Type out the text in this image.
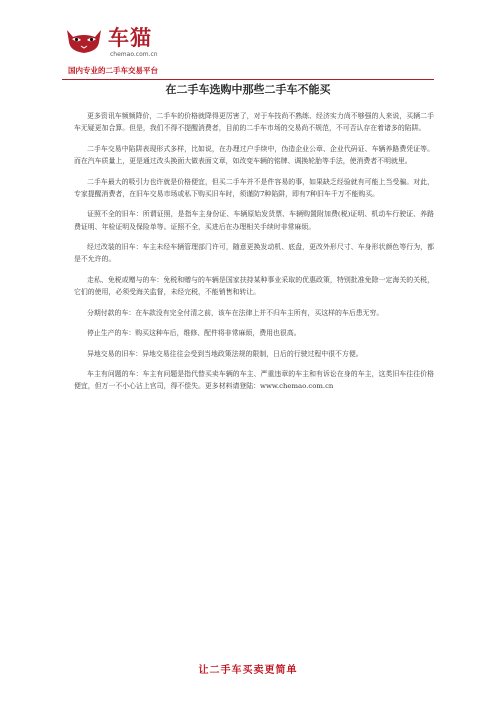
车猫
chemao.com.cn
国内专业的二手车交易平台
在二手车选购中那些二手车不能买

更多资讯车频频降价，二手车的价格就降得更厉害了，对于车技尚不熟练、经济实力尚不够强的人来说，买辆二手车无疑更加合算。但是，我们不得不提醒消费者，目前的二手车市场的交易尚不规范，不可否认存在着诸多的陷阱。

二手车交易中陷阱表现形式多样，比如说，在办理过户手续中，伪造企业公章、企业代码证、车辆养路费凭证等。而在汽车质量上，更是通过改头换面大做表面文章，如改变车辆的铭牌、调换轮胎等手法，使消费者不明就里。

二手车最大的吸引力也许就是价格便宜，但买二手车并不是件容易的事，如果缺乏经验就有可能上当受骗。对此，专家提醒消费者，在旧车交易市场或私下购买旧车时，须谨防7种陷阱，即有7种旧车千万不能购买。

证照不全的旧车：所谓证照，是指车主身份证、车辆原始发货票、车辆购置附加费(税)证明、机动车行驶证、养路费证明、年检证明及保险单等。证照不全，买进后在办理相关手续时非常麻烦。

经过改装的旧车：车主未经车辆管理部门许可，随意更换发动机、底盘，更改外形尺寸、车身形状颜色等行为，都是不允许的。

走私、免税或赠与的车：免税和赠与的车辆是国家扶持某种事业采取的优惠政策，特别批准免除一定海关的关税，它们的使用，必须受海关监督，未经完税，不能销售和转让。

分期付款的车：在车款没有完全付清之前，该车在法律上并不归车主所有，买这样的车后患无穷。

停止生产的车：购买这种车后，维修、配件将非常麻烦，费用也很高。

异地交易的旧车：异地交易往往会受到当地政策法规的限制，日后的行驶过程中很不方便。

车主有问题的车：车主有问题是指代替买卖车辆的车主、严重违章的车主和有诉讼在身的车主，这类旧车往往价格便宜，但万一不小心沾上官司，得不偿失。更多材料请登陆：www.chemao.com.cn

让二手车买卖更简单
